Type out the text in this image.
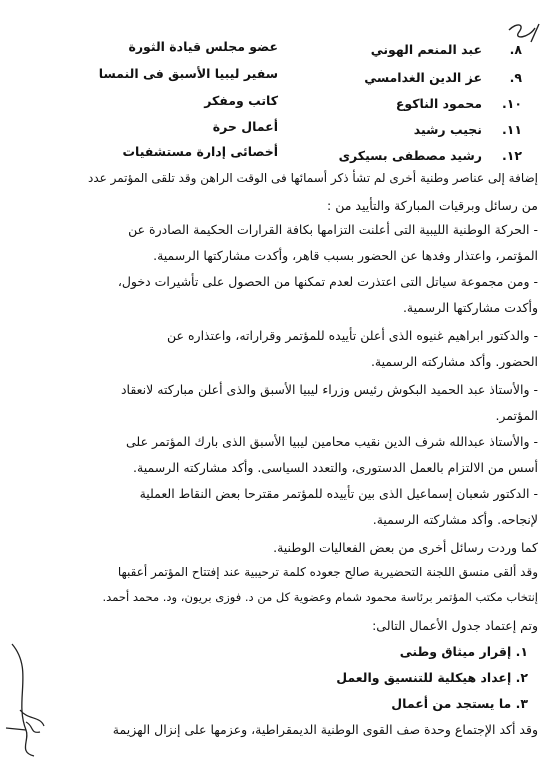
٨.
عبد المنعم الهوني
عضو مجلس قيادة الثورة
٩.
عز الدين الغدامسي
سفير ليبيا الأسبق فى النمسا
١٠.
محمود الناكوع
كاتب ومفكر
١١.
نجيب رشيد
أعمال حرة
١٢.
رشيد مصطفى بسيكرى
أخصائى إدارة مستشفيات
إضافة إلى عناصر وطنية أخرى لم تشأ ذكر أسمائها فى الوقت الراهن وقد تلقى المؤتمر عدد
من رسائل وبرقيات المباركة والتأييد من :
- الحركة الوطنية الليبية التى أعلنت التزامها بكافة القرارات الحكيمة الصادرة عن
المؤتمر، واعتذار وفدها عن الحضور بسبب قاهر، وأكدت مشاركتها الرسمية.
- ومن مجموعة سياتل التى اعتذرت لعدم تمكنها من الحصول على تأشيرات دخول،
وأكدت مشاركتها الرسمية.
- والدكتور ابراهيم غنيوه الذى أعلن تأييده للمؤتمر وقراراته، واعتذاره عن
الحضور. وأكد مشاركته الرسمية.
- والأستاذ عبد الحميد البكوش رئيس وزراء ليبيا الأسبق والذى أعلن مباركته لانعقاد
المؤتمر.
- والأستاذ عبدالله شرف الدين نقيب محامين ليبيا الأسبق الذى بارك المؤتمر على
أسس من الالتزام بالعمل الدستورى، والتعدد السياسى. وأكد مشاركته الرسمية.
- الدكتور شعبان إسماعيل الذى بين تأييده للمؤتمر مقترحا بعض النقاط العملية
لإنجاحه. وأكد مشاركته الرسمية.
كما وردت رسائل أخرى من بعض الفعاليات الوطنية.
وقد ألقى منسق اللجنة التحضيرية صالح جعوده كلمة ترحيبية عند إفتتاح المؤتمر أعقبها
إنتخاب مكتب المؤتمر برئاسة محمود شمام وعضوية كل من د. فوزى بريون، ود. محمد أحمد.
وتم إعتماد جدول الأعمال التالى:
١. إقرار ميثاق وطنى
٢. إعداد هيكلية للتنسيق والعمل
٣. ما يستجد من أعمال
وقد أكد الإجتماع وحدة صف القوى الوطنية الديمقراطية، وعزمها على إنزال الهزيمة
